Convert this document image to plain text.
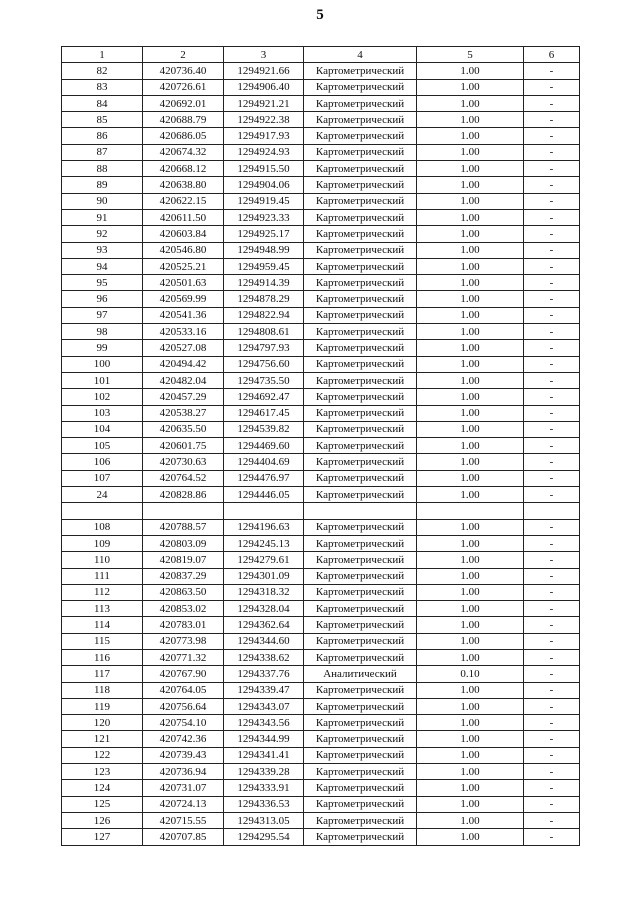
5
1	2	3	4	5	6
82	420736.40	1294921.66	Картометрический	1.00	-
83	420726.61	1294906.40	Картометрический	1.00	-
84	420692.01	1294921.21	Картометрический	1.00	-
85	420688.79	1294922.38	Картометрический	1.00	-
86	420686.05	1294917.93	Картометрический	1.00	-
87	420674.32	1294924.93	Картометрический	1.00	-
88	420668.12	1294915.50	Картометрический	1.00	-
89	420638.80	1294904.06	Картометрический	1.00	-
90	420622.15	1294919.45	Картометрический	1.00	-
91	420611.50	1294923.33	Картометрический	1.00	-
92	420603.84	1294925.17	Картометрический	1.00	-
93	420546.80	1294948.99	Картометрический	1.00	-
94	420525.21	1294959.45	Картометрический	1.00	-
95	420501.63	1294914.39	Картометрический	1.00	-
96	420569.99	1294878.29	Картометрический	1.00	-
97	420541.36	1294822.94	Картометрический	1.00	-
98	420533.16	1294808.61	Картометрический	1.00	-
99	420527.08	1294797.93	Картометрический	1.00	-
100	420494.42	1294756.60	Картометрический	1.00	-
101	420482.04	1294735.50	Картометрический	1.00	-
102	420457.29	1294692.47	Картометрический	1.00	-
103	420538.27	1294617.45	Картометрический	1.00	-
104	420635.50	1294539.82	Картометрический	1.00	-
105	420601.75	1294469.60	Картометрический	1.00	-
106	420730.63	1294404.69	Картометрический	1.00	-
107	420764.52	1294476.97	Картометрический	1.00	-
24	420828.86	1294446.05	Картометрический	1.00	-

108	420788.57	1294196.63	Картометрический	1.00	-
109	420803.09	1294245.13	Картометрический	1.00	-
110	420819.07	1294279.61	Картометрический	1.00	-
111	420837.29	1294301.09	Картометрический	1.00	-
112	420863.50	1294318.32	Картометрический	1.00	-
113	420853.02	1294328.04	Картометрический	1.00	-
114	420783.01	1294362.64	Картометрический	1.00	-
115	420773.98	1294344.60	Картометрический	1.00	-
116	420771.32	1294338.62	Картометрический	1.00	-
117	420767.90	1294337.76	Аналитический	0.10	-
118	420764.05	1294339.47	Картометрический	1.00	-
119	420756.64	1294343.07	Картометрический	1.00	-
120	420754.10	1294343.56	Картометрический	1.00	-
121	420742.36	1294344.99	Картометрический	1.00	-
122	420739.43	1294341.41	Картометрический	1.00	-
123	420736.94	1294339.28	Картометрический	1.00	-
124	420731.07	1294333.91	Картометрический	1.00	-
125	420724.13	1294336.53	Картометрический	1.00	-
126	420715.55	1294313.05	Картометрический	1.00	-
127	420707.85	1294295.54	Картометрический	1.00	-
